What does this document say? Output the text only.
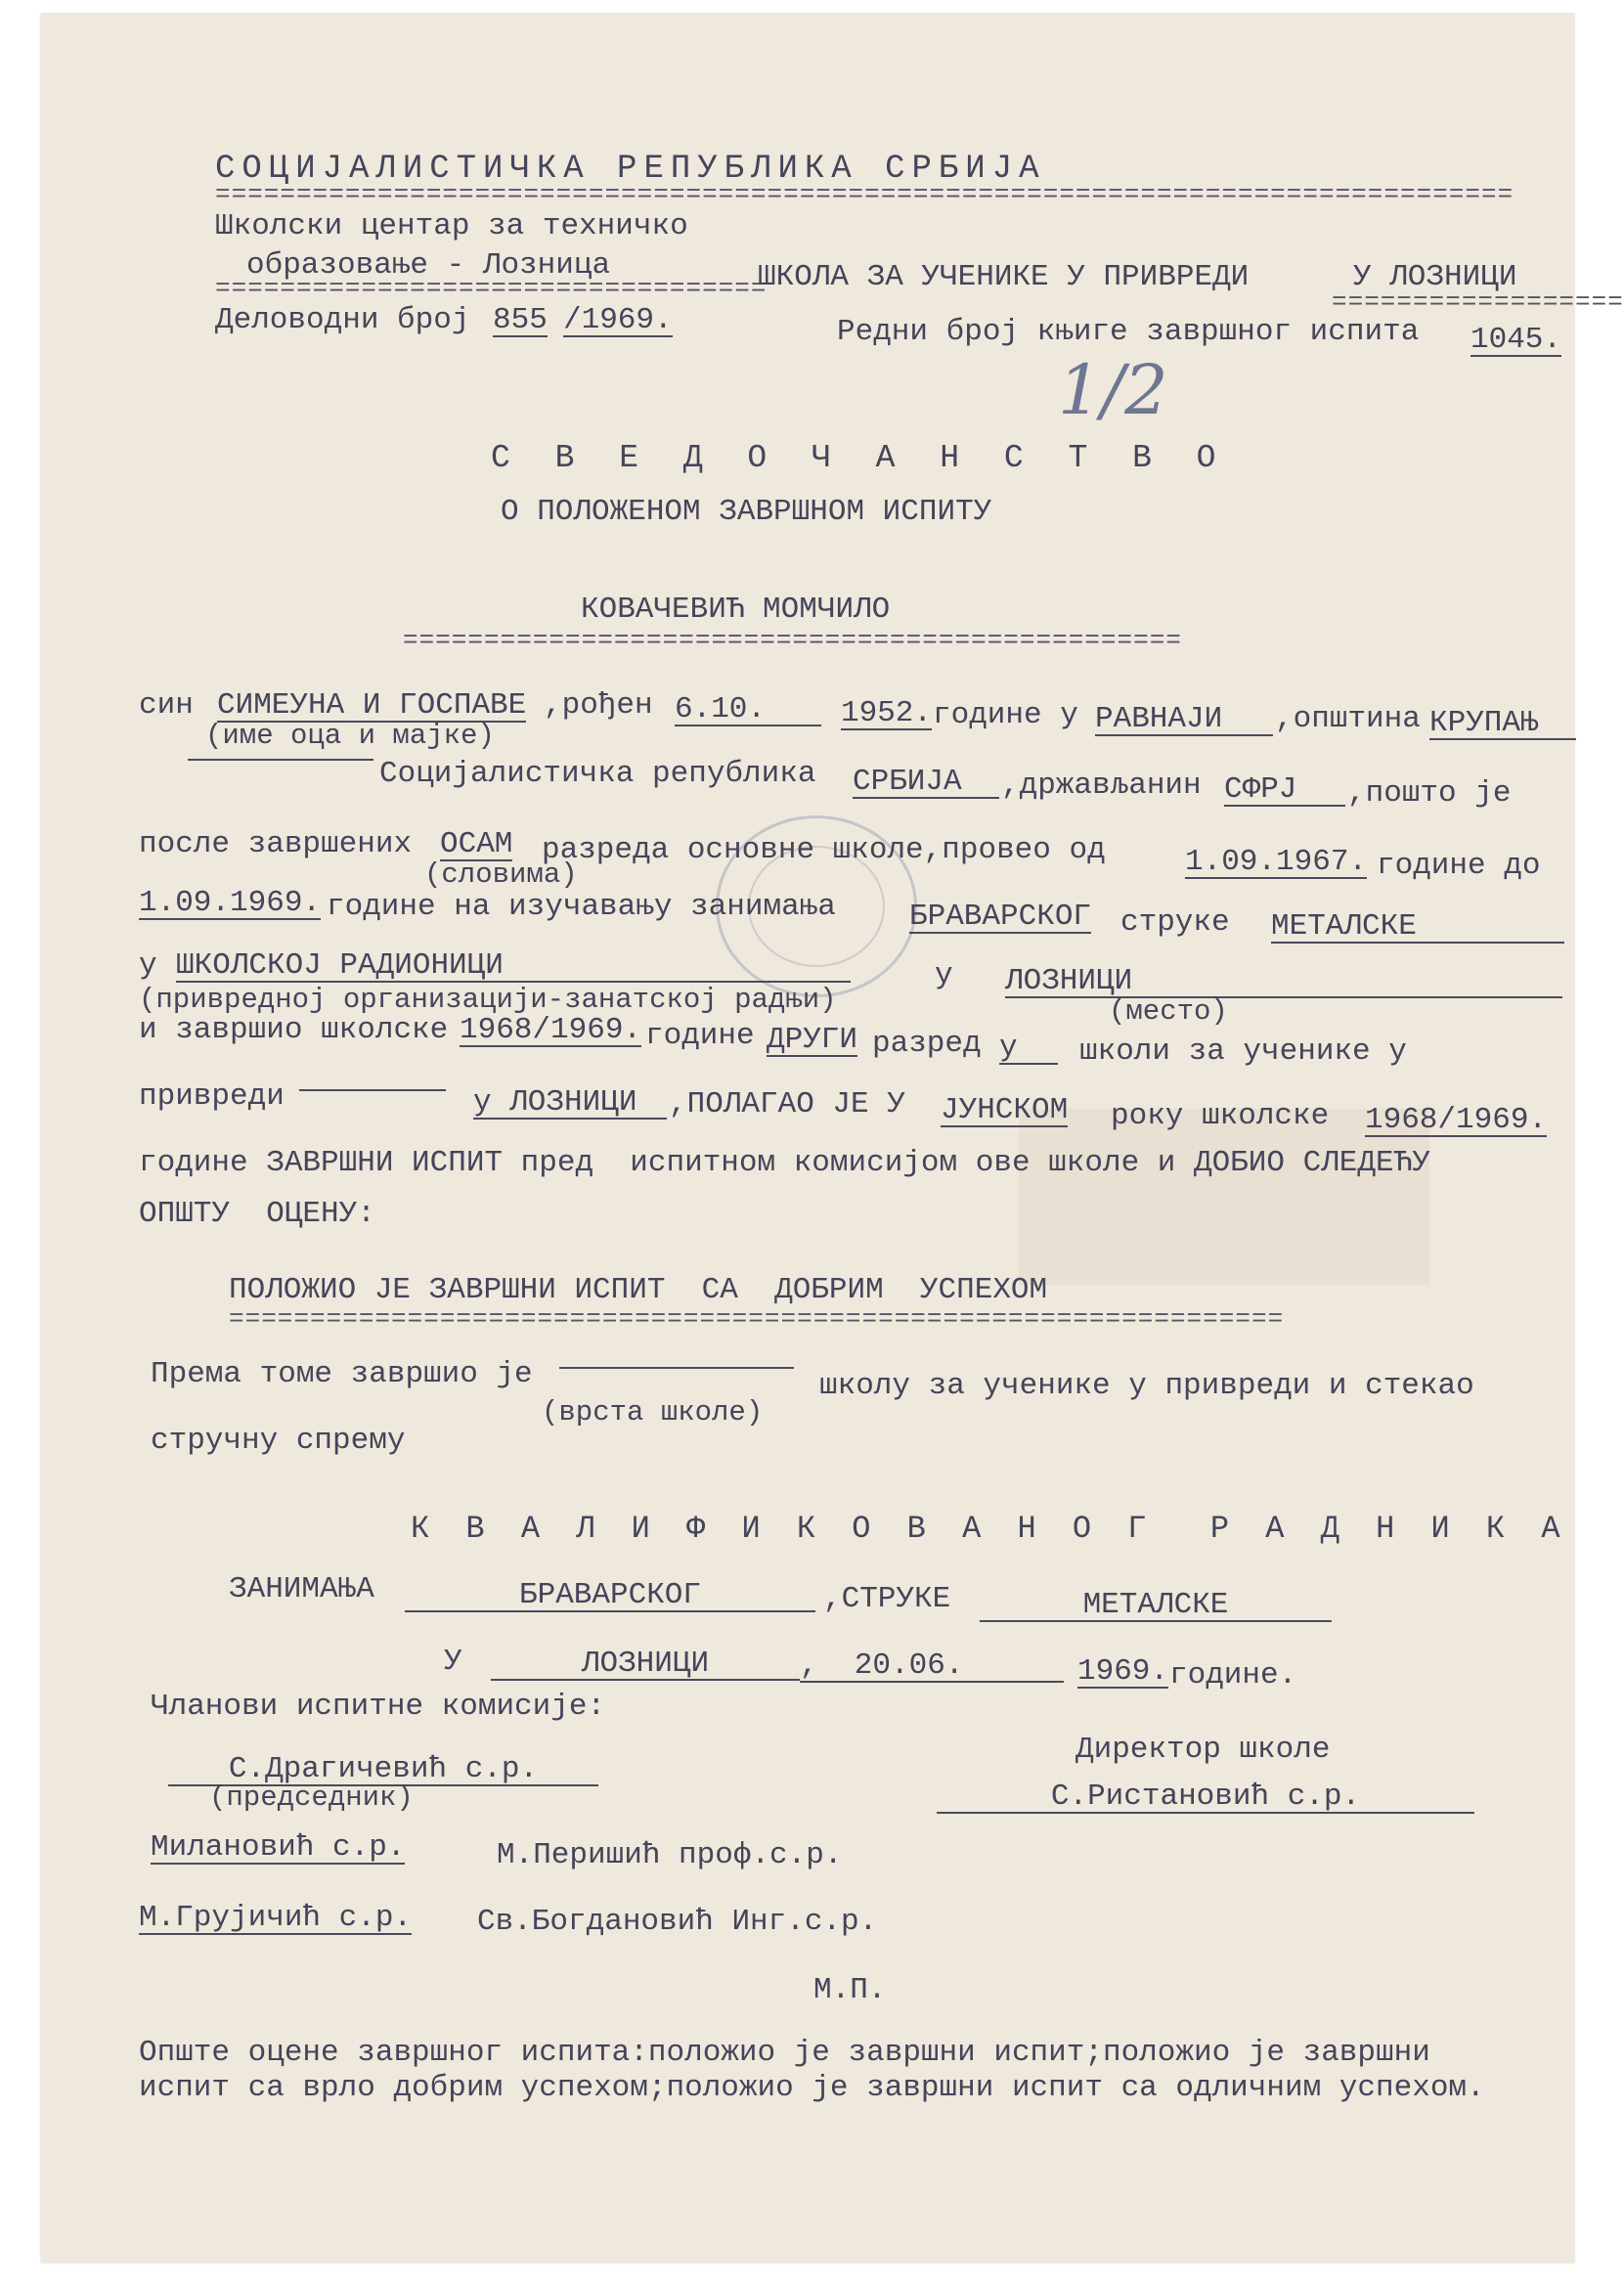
СОЦИЈАЛИСТИЧКА РЕПУБЛИКА СРБИЈА
================================================================================
Школски центар за техничко
образовање - Лозница
==================================
ШКОЛА ЗА УЧЕНИКЕ У ПРИВРЕДИ	У ЛОЗНИЦИ
==================
Деловодни број 855 /1969.	Редни број књиге завршног испита 1045.
1/2
С В Е Д О Ч А Н С Т В О
О ПОЛОЖЕНОМ ЗАВРШНОМ ИСПИТУ
КОВАЧЕВИЋ МОМЧИЛО
================================================
син СИМЕУНА И ГОСПАВЕ ,рођен 6.10.	1952. године у РАВНАЈИ	,општина КРУПАЊ
(име оца и мајке)
Социјалистичка република СРБИЈА	,држављанин СФРЈ	,пошто је
после завршених ОСАМ разреда основне школе,провео од	1.09.1967. године до
(словима)
1.09.1969. године на изучавању занимања БРАВАРСКОГ струке МЕТАЛСКЕ
у ШКОЛСКОЈ РАДИОНИЦИ	у ЛОЗНИЦИ
(привредној организацији-занатској радњи)	(место)
и завршио школске 1968/1969. године ДРУГИ разред у	школи за ученике у
привреди	у ЛОЗНИЦИ	,ПОЛАГАО ЈЕ У ЈУНСКОМ року школске 1968/1969.
године ЗАВРШНИ ИСПИТ пред  испитном комисијом ове школе и ДОБИО СЛЕДЕЋУ
ОПШТУ  ОЦЕНУ:
ПОЛОЖИО ЈЕ ЗАВРШНИ ИСПИТ  СА  ДОБРИМ  УСПЕХОМ
=================================================================
Према томе завршио је	школу за ученике у привреди и стекао
(врста школе)
стручну спрему
К В А Л И Ф И К О В А Н О Г  Р А Д Н И К А
ЗАНИМАЊА	БРАВАРСКОГ	,СТРУКЕ	МЕТАЛСКЕ
У	ЛОЗНИЦИ	,  20.06.	1969. године.
Чланови испитне комисије:
Директор школе
С.Драгичевић с.р.
(председник)	С.Ристановић с.р.
Милановић с.р.	М.Перишић проф.с.р.
М.Грујичић с.р. Св.Богдановић Инг.с.р.
М.П.
Опште оцене завршног испита:положио је завршни испит;положио је завршни
испит са врло добрим успехом;положио је завршни испит са одличним успехом.
